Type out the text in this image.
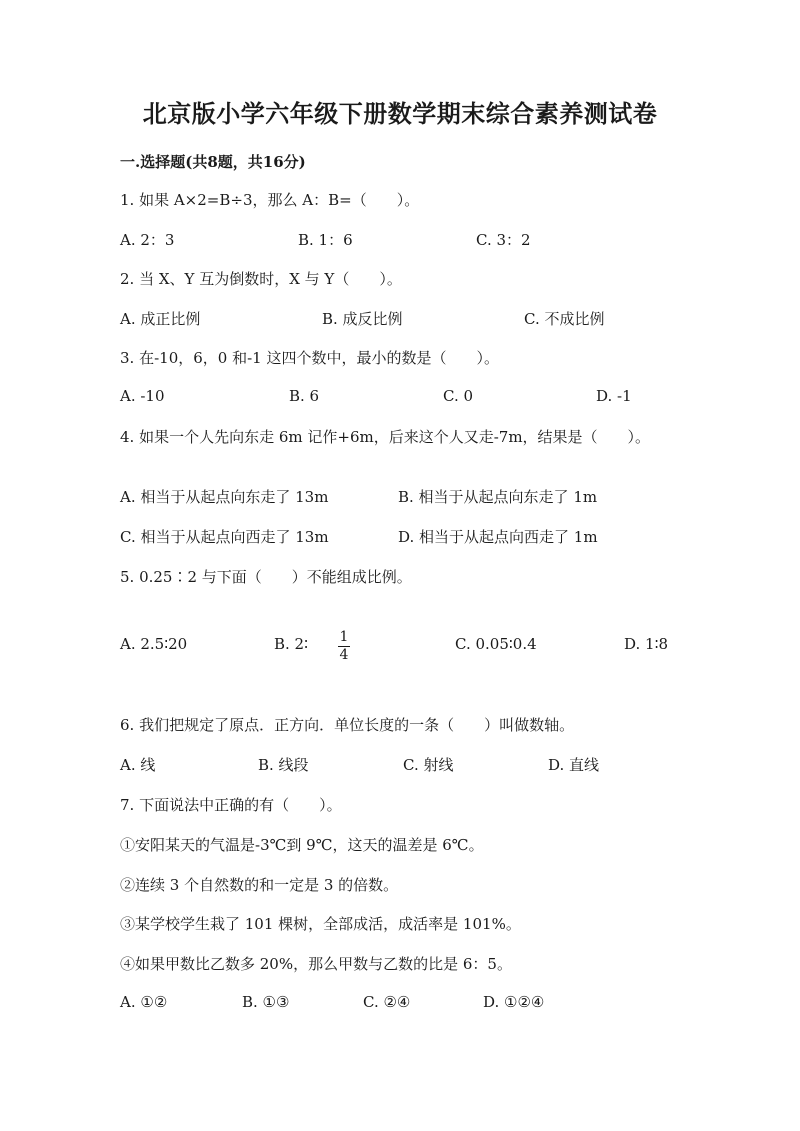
北京版小学六年级下册数学期末综合素养测试卷
一.选择题(共8题，共16分)
1. 如果 A×2=B÷3，那么 A：B=（　　）。
A. 2：3	B. 1：6	C. 3：2
2. 当 X、Y 互为倒数时，X 与 Y（　　）。
A. 成正比例	B. 成反比例	C. 不成比例
3. 在-10，6，0 和-1 这四个数中，最小的数是（　　）。
A. -10	B. 6	C. 0	D. -1
4. 如果一个人先向东走 6m 记作+6m，后来这个人又走-7m，结果是（　　）。
A. 相当于从起点向东走了 13m	B. 相当于从起点向东走了 1m
C. 相当于从起点向西走了 13m	D. 相当于从起点向西走了 1m
5. 0.25∶2 与下面（　　）不能组成比例。
A. 2.5∶20	B. 2∶ 1
4
C. 0.05∶0.4	D. 1∶8
6. 我们把规定了原点．正方向．单位长度的一条（　　）叫做数轴。
A. 线	B. 线段	C. 射线	D. 直线
7. 下面说法中正确的有（　　）。
①安阳某天的气温是-3℃到 9℃，这天的温差是 6℃。
②连续 3 个自然数的和一定是 3 的倍数。
③某学校学生栽了 101 棵树，全部成活，成活率是 101%。
④如果甲数比乙数多 20%，那么甲数与乙数的比是 6：5。
A. ①②	B. ①③	C. ②④	D. ①②④
